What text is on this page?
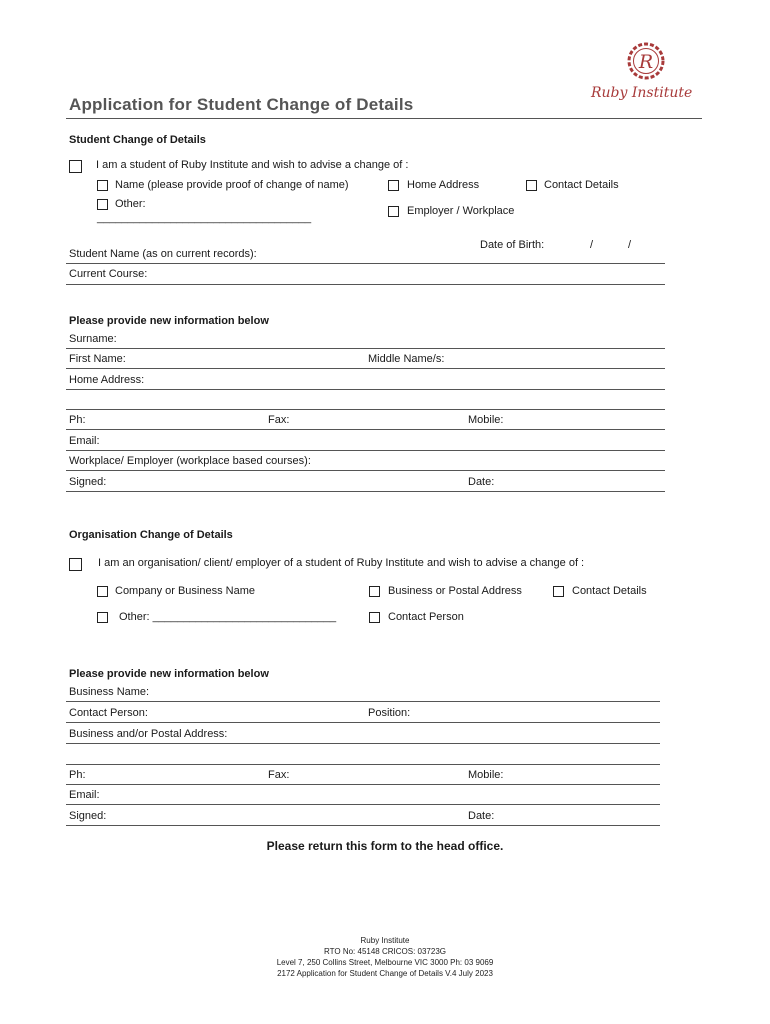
R
Ruby Institute
Application for Student Change of Details
Student Change of Details
I am a student of Ruby Institute and wish to advise a change of :
Name (please provide proof of change of name)	Home Address	Contact Details
Other:
___________________________________
Employer / Workplace
Date of Birth:	/	/
Student Name (as on current records):
Current Course:
Please provide new information below
Surname:
First Name:	Middle Name/s:
Home Address:
Ph:	Fax:	Mobile:
Email:
Workplace/ Employer (workplace based courses):
Signed:	Date:
Organisation Change of Details
I am an organisation/ client/ employer of a student of Ruby Institute and wish to advise a change of :
Company or Business Name	Business or Postal Address	Contact Details
Other: ______________________________	Contact Person
Please provide new information below
Business Name:
Contact Person:	Position:
Business and/or Postal Address:
Ph:	Fax:	Mobile:
Email:
Signed:	Date:
Please return this form to the head office.
Ruby Institute
RTO No: 45148 CRICOS: 03723G
Level 7, 250 Collins Street, Melbourne VIC 3000 Ph: 03 9069
2172 Application for Student Change of Details V.4 July 2023
